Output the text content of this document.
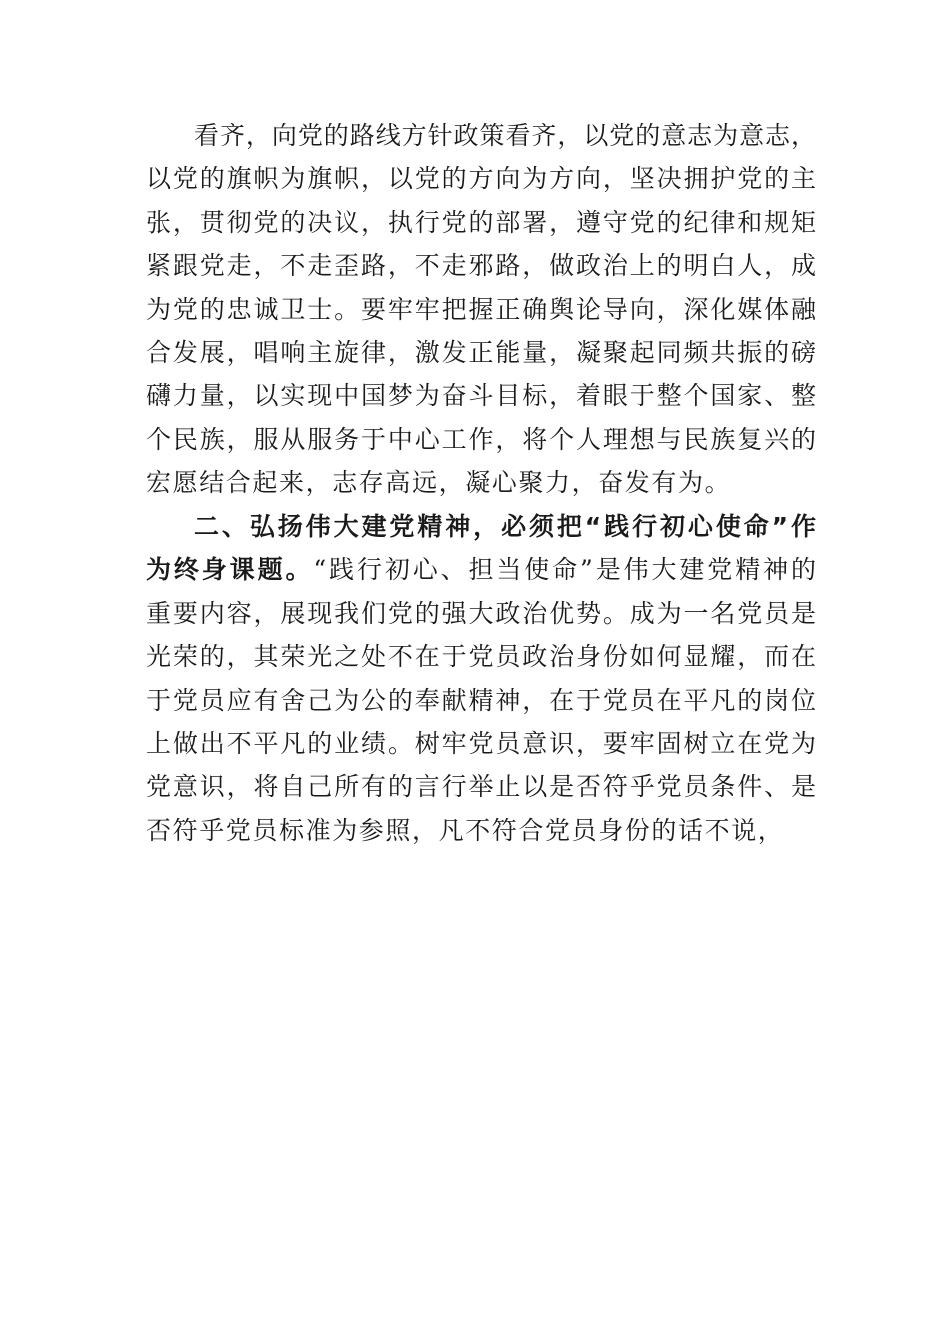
看齐，向党的路线方针政策看齐，以党的意志为意志，
以党的旗帜为旗帜，以党的方向为方向，坚决拥护党的主
张，贯彻党的决议，执行党的部署，遵守党的纪律和规矩
紧跟党走，不走歪路，不走邪路，做政治上的明白人，成
为党的忠诚卫士。要牢牢把握正确舆论导向，深化媒体融
合发展，唱响主旋律，激发正能量，凝聚起同频共振的磅
礴力量，以实现中国梦为奋斗目标，着眼于整个国家、整
个民族，服从服务于中心工作，将个人理想与民族复兴的
宏愿结合起来，志存高远，凝心聚力，奋发有为。
二、弘扬伟大建党精神，必须把“践行初心使命”作
为终身课题。“践行初心、担当使命”是伟大建党精神的
重要内容，展现我们党的强大政治优势。成为一名党员是
光荣的，其荣光之处不在于党员政治身份如何显耀，而在
于党员应有舍己为公的奉献精神，在于党员在平凡的岗位
上做出不平凡的业绩。树牢党员意识，要牢固树立在党为
党意识，将自己所有的言行举止以是否符乎党员条件、是
否符乎党员标准为参照，凡不符合党员身份的话不说，
